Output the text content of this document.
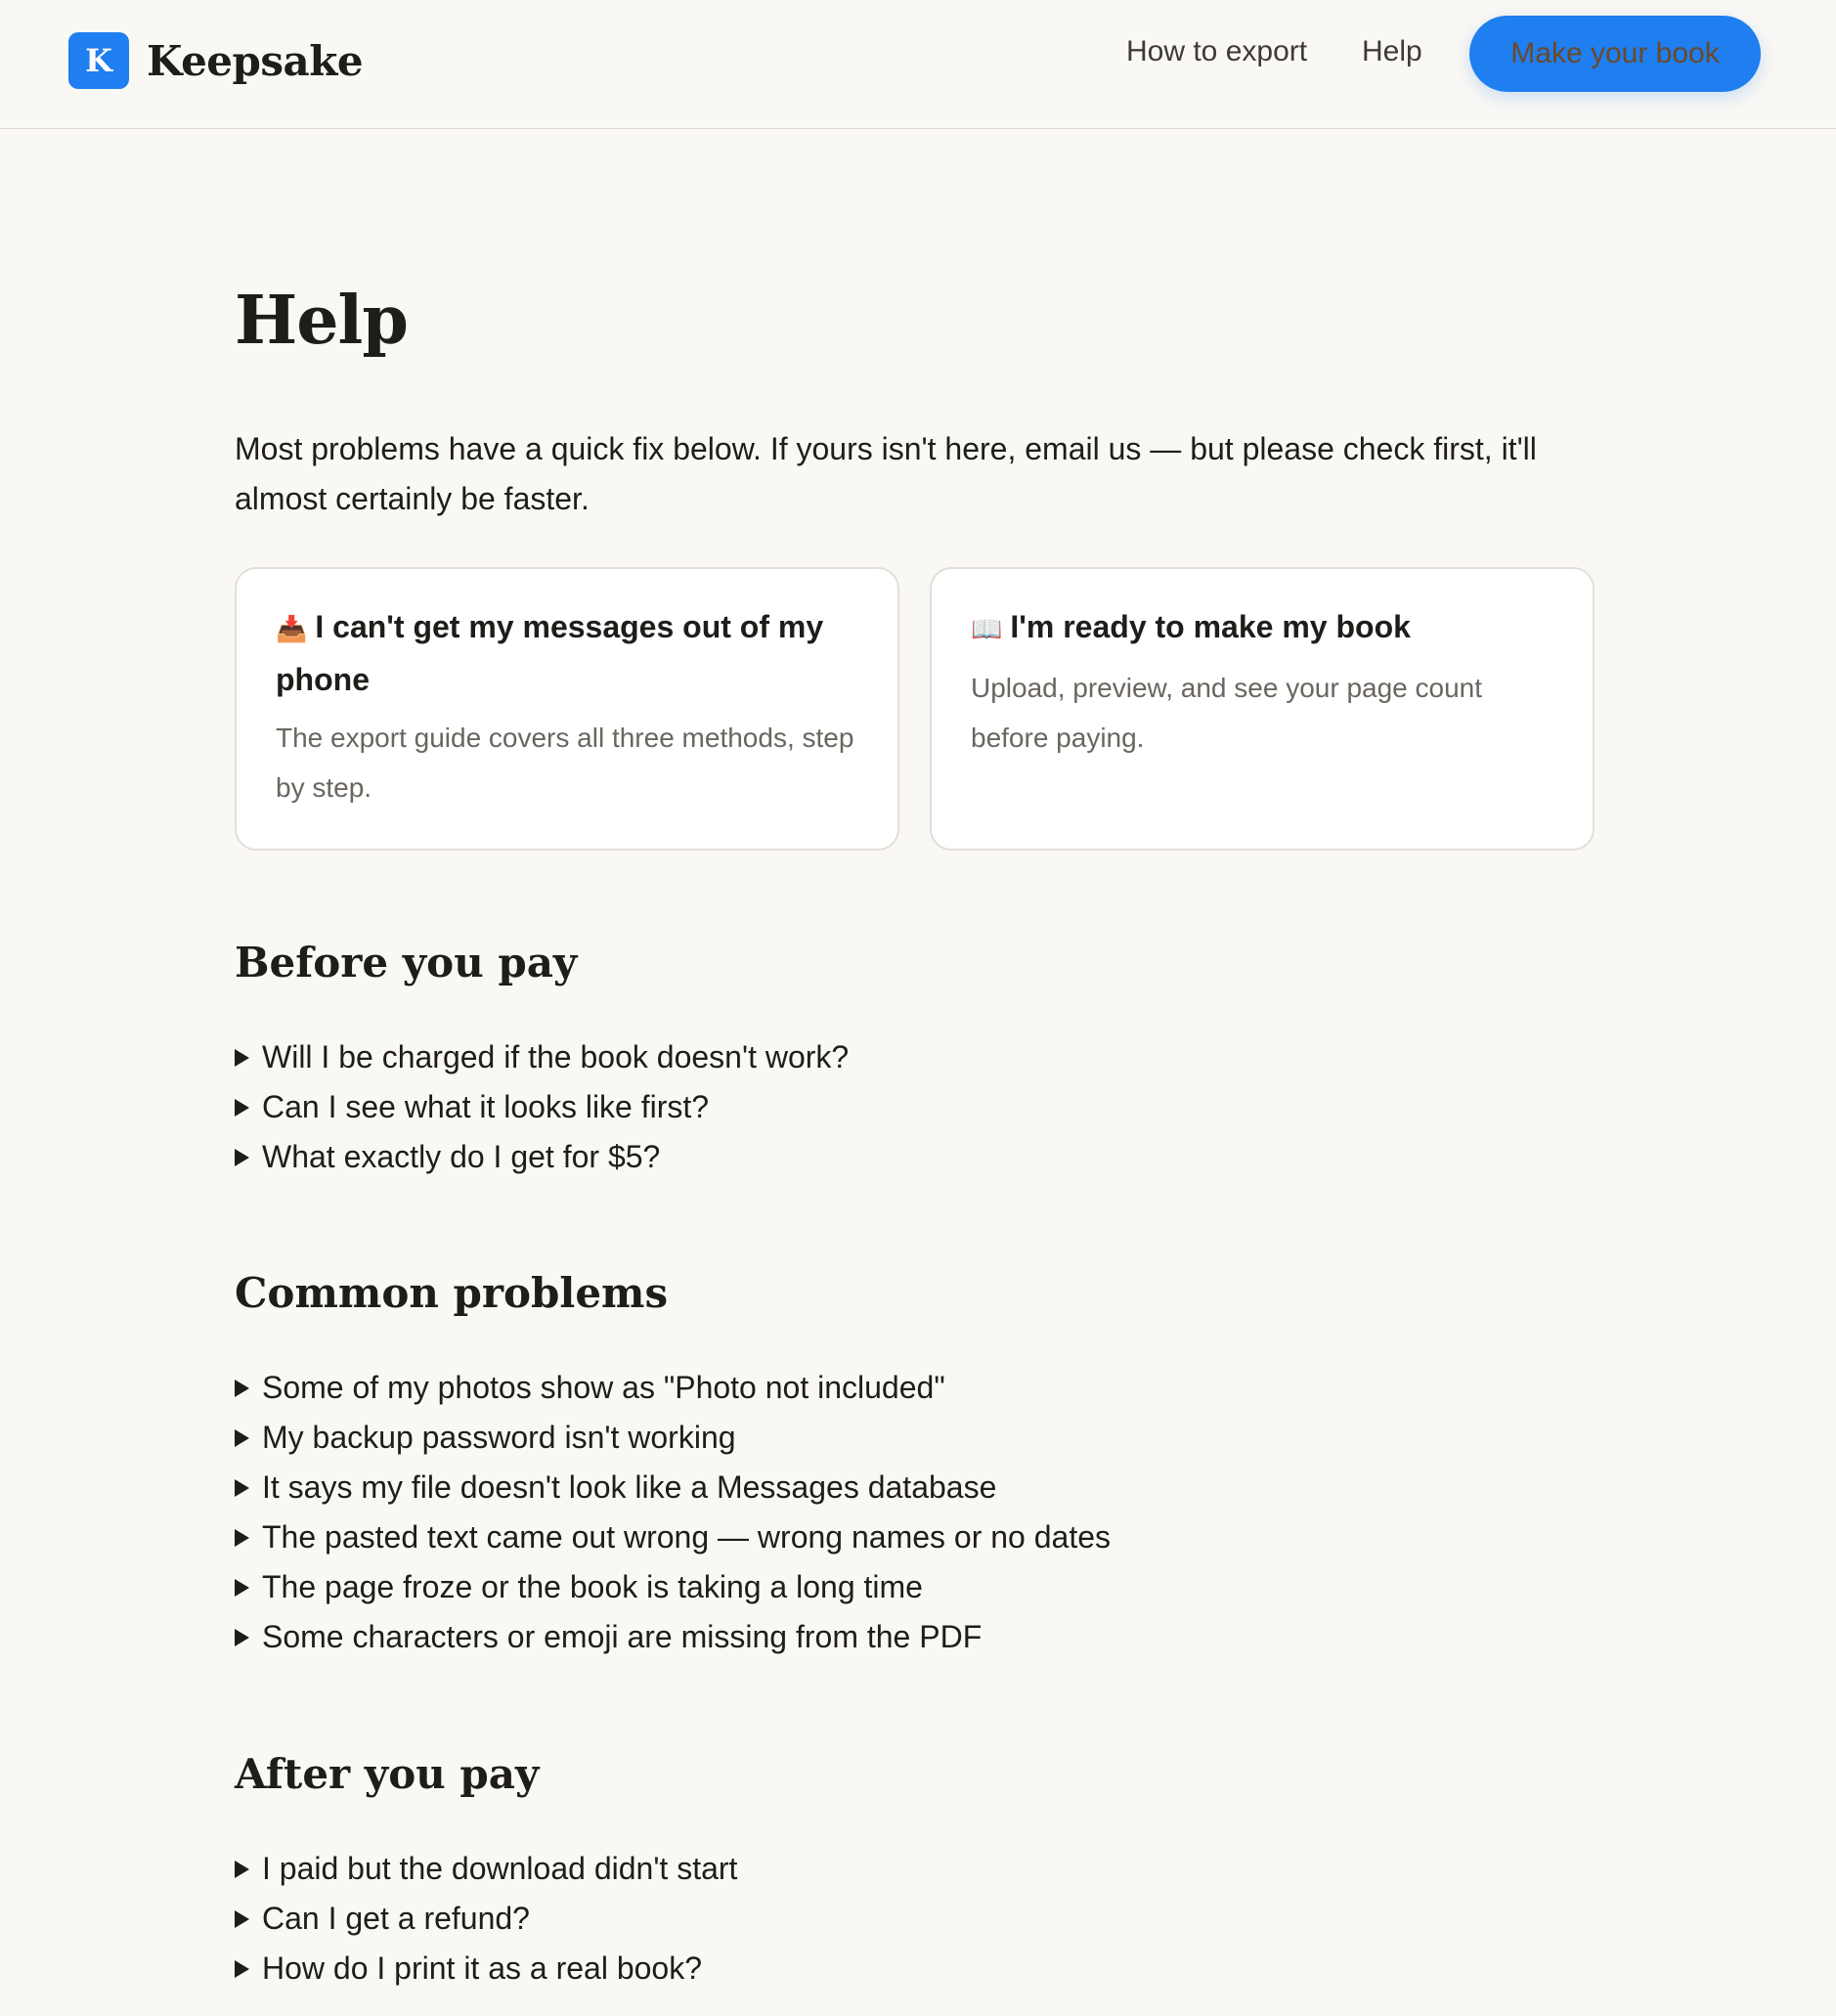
K Keepsake	How to export Help	Make your book
Help

Most problems have a quick fix below. If yours isn't here, email us — but please check first, it'll almost certainly be faster.

📥 I can't get my messages out of my phone
The export guide covers all three methods, step by step.
📖 I'm ready to make my book
Upload, preview, and see your page count before paying.
Before you pay
Will I be charged if the book doesn't work?
Can I see what it looks like first?
What exactly do I get for $5?
Common problems
Some of my photos show as "Photo not included"
My backup password isn't working
It says my file doesn't look like a Messages database
The pasted text came out wrong — wrong names or no dates
The page froze or the book is taking a long time
Some characters or emoji are missing from the PDF
After you pay
I paid but the download didn't start
Can I get a refund?
How do I print it as a real book?
